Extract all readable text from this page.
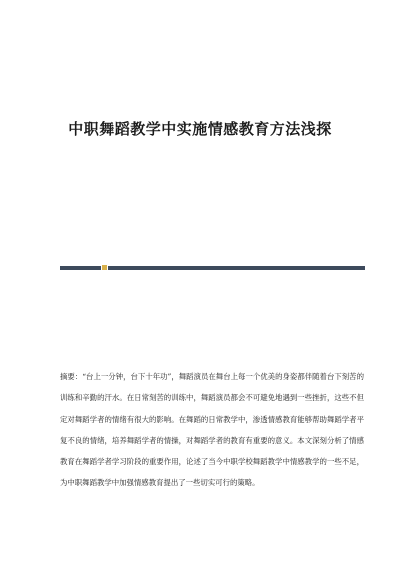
中职舞蹈教学中实施情感教育方法浅探
摘要：“台上一分钟，台下十年功”，舞蹈演员在舞台上每一个优美的身姿都伴随着台下刻苦的训练和辛勤的汗水。在日常刻苦的训练中，舞蹈演员都会不可避免地遇到一些挫折，这些不但定对舞蹈学者的情绪有很大的影响。在舞蹈的日常教学中，渗透情感教育能够帮助舞蹈学者平复不良的情绪，培养舞蹈学者的情操，对舞蹈学者的教育有重要的意义。本文深刻分析了情感教育在舞蹈学者学习阶段的重要作用，论述了当今中职学校舞蹈教学中情感教学的一些不足，为中职舞蹈教学中加强情感教育提出了一些切实可行的策略。
